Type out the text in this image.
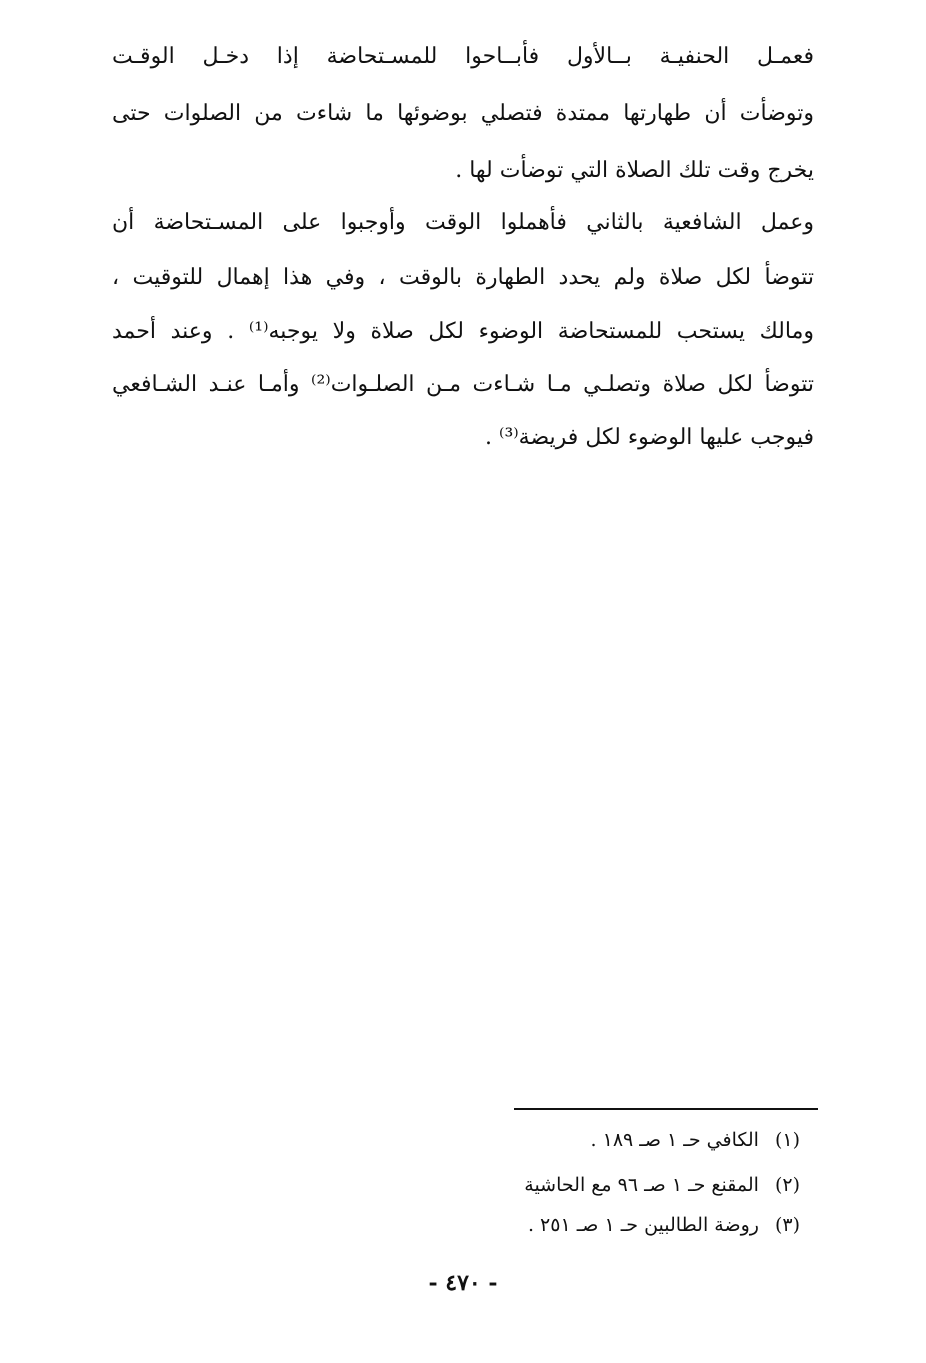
فعمـل الحنفيـة بــالأول فأبــاحوا للمسـتحاضة إذا دخـل الوقـت
وتوضأت أن طهارتها ممتدة فتصلي بوضوئها ما شاءت من الصلوات حتى
يخرج وقت تلك الصلاة التي توضأت لها .
وعمل الشافعية بالثاني فأهملوا الوقت وأوجبوا على المسـتحاضة أن
تتوضأ لكل صلاة ولم يحدد الطهارة بالوقت ، وفي هذا إهمال للتوقيت ،
ومالك يستحب للمستحاضة الوضوء لكل صلاة ولا يوجبه⁽¹⁾ . وعند أحمد
تتوضأ لكل صلاة وتصلـي مـا شـاءت مـن الصلـوات⁽²⁾ وأمـا عنـد الشـافعي
فيوجب عليها الوضوء لكل فريضة⁽³⁾ .
(١)الكافي حـ ١ صـ ١٨٩ .
(٢)المقنع حـ ١ صـ ٩٦ مع الحاشية
(٣)روضة الطالبين حـ ١ صـ ٢٥١ .
- ٤٧٠ -
